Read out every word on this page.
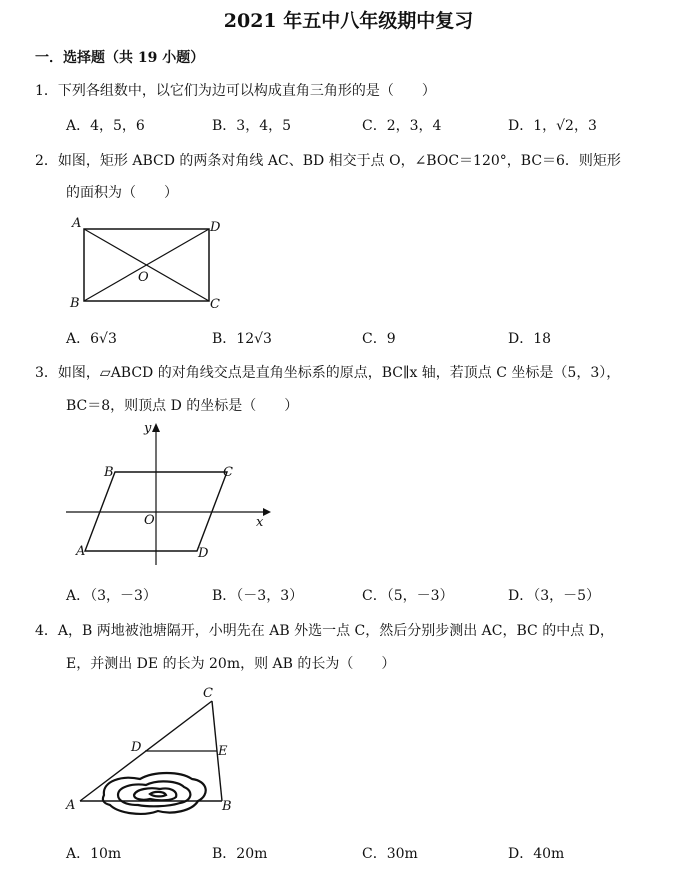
2021 年五中八年级期中复习
一．选择题（共 19 小题）
1．下列各组数中，以它们为边可以构成直角三角形的是（　　）
A．4，5，6	B．3，4，5	C．2，3，4	D．1，√2，3
2．如图，矩形 ABCD 的两条对角线 AC、BD 相交于点 O，∠BOC＝120°，BC＝6．则矩形
的面积为（　　）
A	D
O
B	C
A．6√3	B．12√3	C．9	D．18
3．如图，▱ABCD 的对角线交点是直角坐标系的原点，BC∥x 轴，若顶点 C 坐标是（5，3），
BC＝8，则顶点 D 的坐标是（　　）
y
x
B	C
O
A	D
A．（3，－3）	B．（－3，3）	C．（5，－3）	D．（3，－5）
4．A，B 两地被池塘隔开，小明先在 AB 外选一点 C，然后分别步测出 AC，BC 的中点 D，
E，并测出 DE 的长为 20m，则 AB 的长为（　　）
C
D	E
A	B
A．10m	B．20m	C．30m	D．40m
